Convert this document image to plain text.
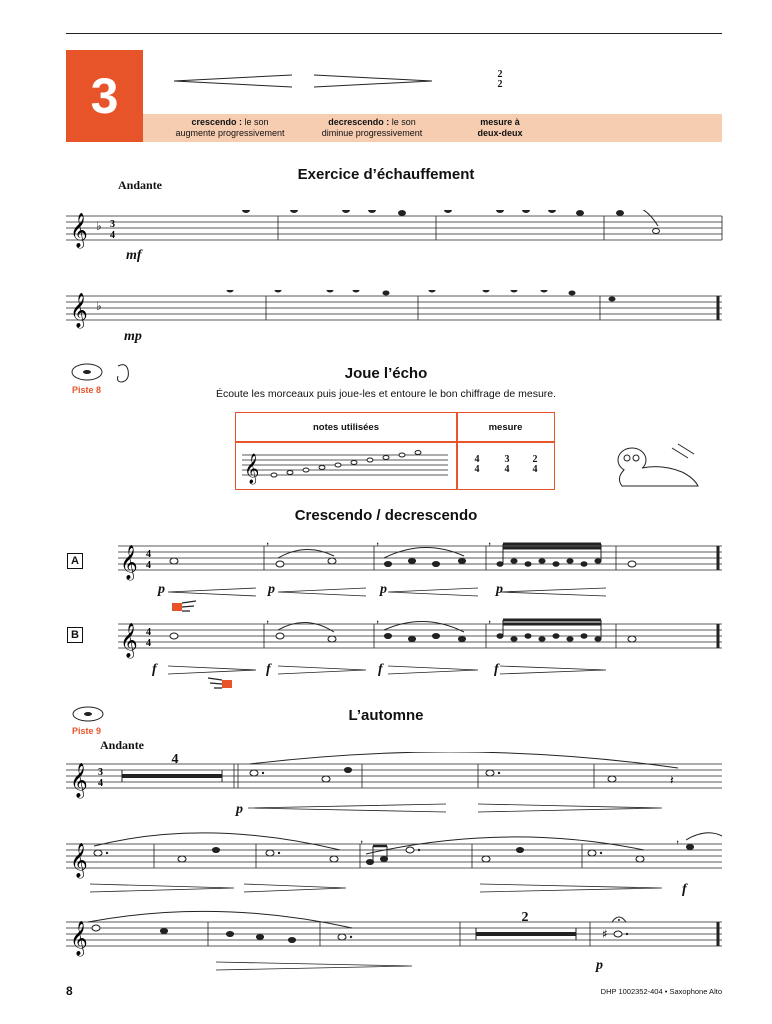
3	2
2
crescendo : le son
augmente progressivement
decrescendo : le son
diminue progressivement
mesure à
deux-deux
Exercice d’échauffement
Andante
𝄞 ♭ 3
4
mf
𝄞 ♭
mp
Piste 8
Joue l’écho
Écoute les morceaux puis joue-les et entoure le bon chiffrage de mesure.
notes utilisées	mesure
𝄞	4
4
3
4
2
4
Crescendo / decrescendo
A 𝄞 4
4
,	,	,
p	p	p	p
B 𝄞 4
4
,	,	,
f	f	f	f
Piste 9
L’automne
Andante
𝄞 3
4	𝄽
4
p
𝄞
,	,
f
𝄞	♯
2
p
8	DHP 1002352-404 • Saxophone Alto
